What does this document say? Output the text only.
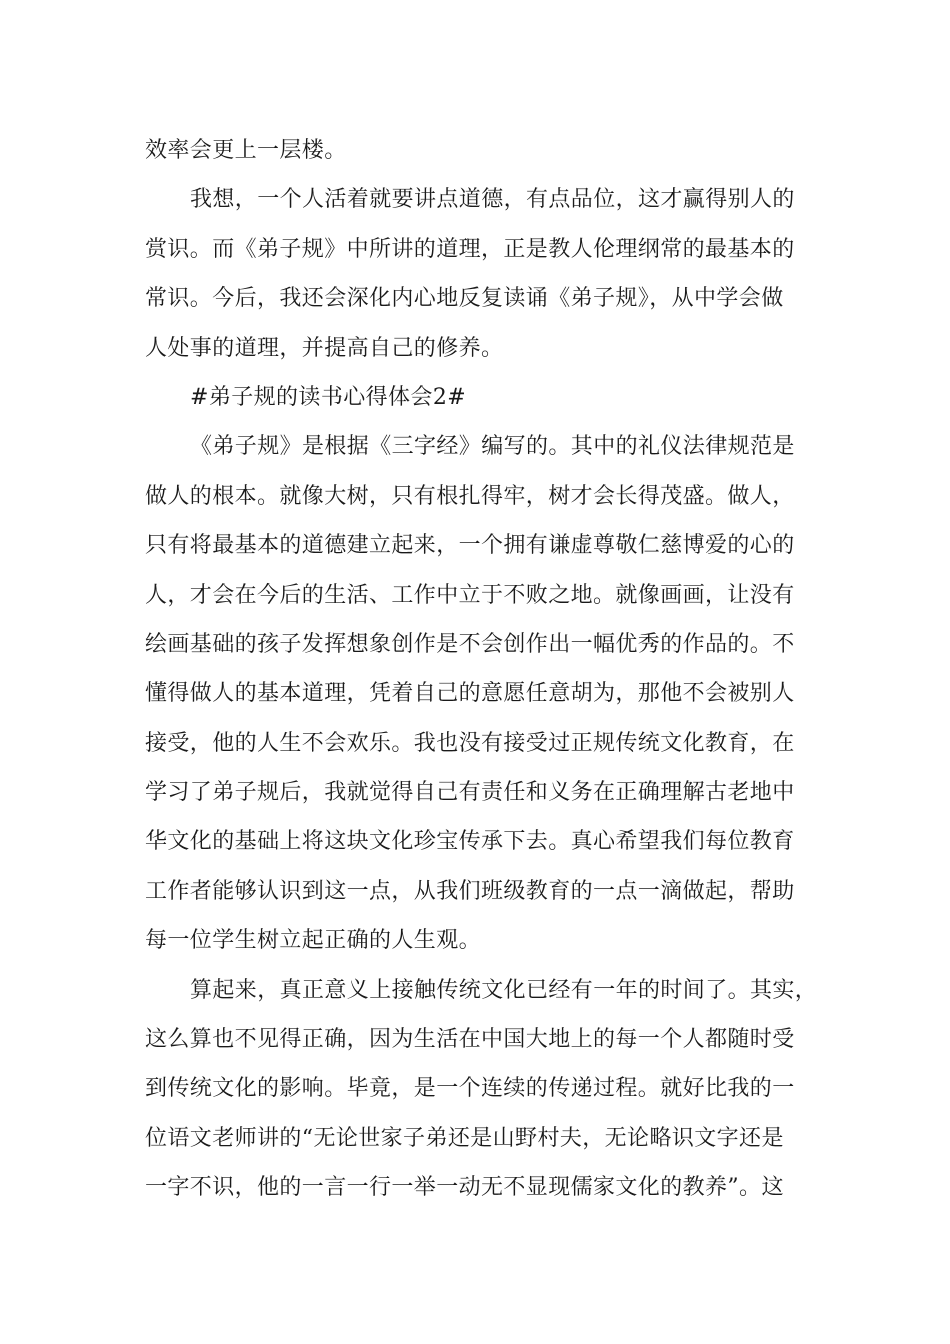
效率会更上一层楼。
我想，一个人活着就要讲点道德，有点品位，这才赢得别人的
赏识。而《弟子规》中所讲的道理，正是教人伦理纲常的最基本的
常识。今后，我还会深化内心地反复读诵《弟子规》，从中学会做
人处事的道理，并提高自己的修养。
#弟子规的读书心得体会2#
《弟子规》是根据《三字经》编写的。其中的礼仪法律规范是
做人的根本。就像大树，只有根扎得牢，树才会长得茂盛。做人，
只有将最基本的道德建立起来，一个拥有谦虚尊敬仁慈博爱的心的
人，才会在今后的生活、工作中立于不败之地。就像画画，让没有
绘画基础的孩子发挥想象创作是不会创作出一幅优秀的作品的。不
懂得做人的基本道理，凭着自己的意愿任意胡为，那他不会被别人
接受，他的人生不会欢乐。我也没有接受过正规传统文化教育，在
学习了弟子规后，我就觉得自己有责任和义务在正确理解古老地中
华文化的基础上将这块文化珍宝传承下去。真心希望我们每位教育
工作者能够认识到这一点，从我们班级教育的一点一滴做起，帮助
每一位学生树立起正确的人生观。
算起来，真正意义上接触传统文化已经有一年的时间了。其实，
这么算也不见得正确，因为生活在中国大地上的每一个人都随时受
到传统文化的影响。毕竟，是一个连续的传递过程。就好比我的一
位语文老师讲的“无论世家子弟还是山野村夫，无论略识文字还是
一字不识，他的一言一行一举一动无不显现儒家文化的教养”。这
